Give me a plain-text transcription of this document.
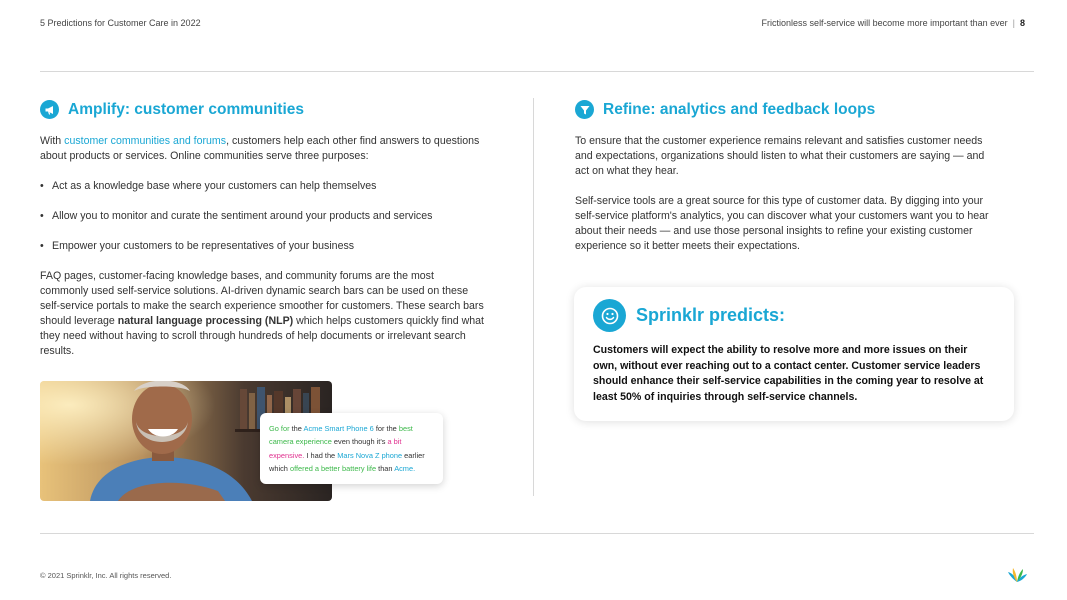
5 Predictions for Customer Care in 2022	Frictionless self-service will become more important than ever | 8
Amplify: customer communities

With customer communities and forums, customers help each other find answers to questions about products or services. Online communities serve three purposes:

• Act as a knowledge base where your customers can help themselves
• Allow you to monitor and curate the sentiment around your products and services
• Empower your customers to be representatives of your business

FAQ pages, customer-facing knowledge bases, and community forums are the most commonly used self-service solutions. AI-driven dynamic search bars can be used on these self-service portals to make the search experience smoother for customers. These search bars should leverage natural language processing (NLP) which helps customers quickly find what they need without having to scroll through hundreds of help documents or irrelevant search results.

Go for the Acme Smart Phone 6 for the best camera experience even though it's a bit expensive. I had the Mars Nova Z phone earlier which offered a better battery life than Acme.
Refine: analytics and feedback loops

To ensure that the customer experience remains relevant and satisfies customer needs and expectations, organizations should listen to what their customers are saying — and act on what they hear.

Self-service tools are a great source for this type of customer data. By digging into your self-service platform's analytics, you can discover what your customers want you to hear about their needs — and use those personal insights to refine your existing customer experience so it better meets their expectations.

Sprinklr predicts:
Customers will expect the ability to resolve more and more issues on their own, without ever reaching out to a contact center. Customer service leaders should enhance their self-service capabilities in the coming year to resolve at least 50% of inquiries through self-service channels.
© 2021 Sprinklr, Inc. All rights reserved.
